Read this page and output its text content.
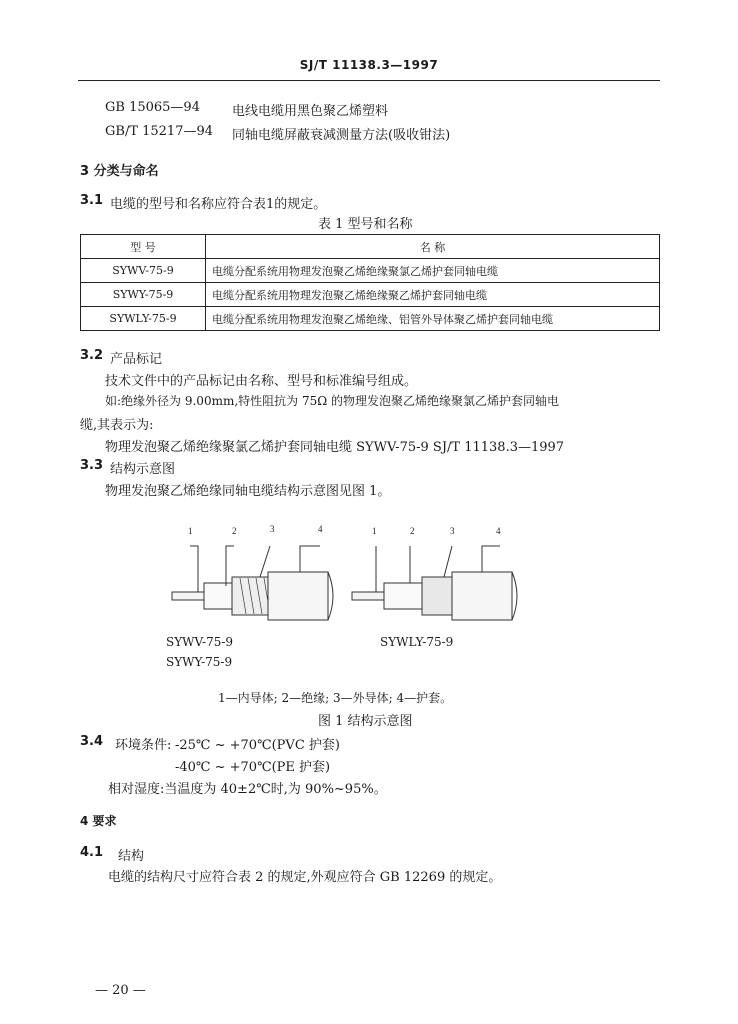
SJ/T 11138.3—1997
GB 15065—94 电线电缆用黑色聚乙烯塑料
GB/T 15217—94 同轴电缆屏蔽衰减测量方法(吸收钳法)
3 分类与命名
3.1 电缆的型号和名称应符合表1的规定。
表 1 型号和名称
型 号	名 称
SYWV-75-9	电缆分配系统用物理发泡聚乙烯绝缘聚氯乙烯护套同轴电缆
SYWY-75-9	电缆分配系统用物理发泡聚乙烯绝缘聚乙烯护套同轴电缆
SYWLY-75-9	电缆分配系统用物理发泡聚乙烯绝缘、铝管外导体聚乙烯护套同轴电缆
3.2 产品标记
技术文件中的产品标记由名称、型号和标准编号组成。
如:绝缘外径为 9.00mm,特性阻抗为 75Ω 的物理发泡聚乙烯绝缘聚氯乙烯护套同轴电
缆,其表示为:
物理发泡聚乙烯绝缘聚氯乙烯护套同轴电缆 SYWV-75-9 SJ/T 11138.3—1997
3.3 结构示意图
物理发泡聚乙烯绝缘同轴电缆结构示意图见图 1。
1	2	3	4	1	2	3	4
SYWV-75-9
SYWY-75-9
SYWLY-75-9
1—内导体; 2—绝缘; 3—外导体; 4—护套。
图 1 结构示意图
3.4 环境条件: -25℃ ~ +70℃(PVC 护套)
-40℃ ~ +70℃(PE 护套)
相对湿度:当温度为 40±2℃时,为 90%~95%。
4 要求
4.1 结构
电缆的结构尺寸应符合表 2 的规定,外观应符合 GB 12269 的规定。
— 20 —
